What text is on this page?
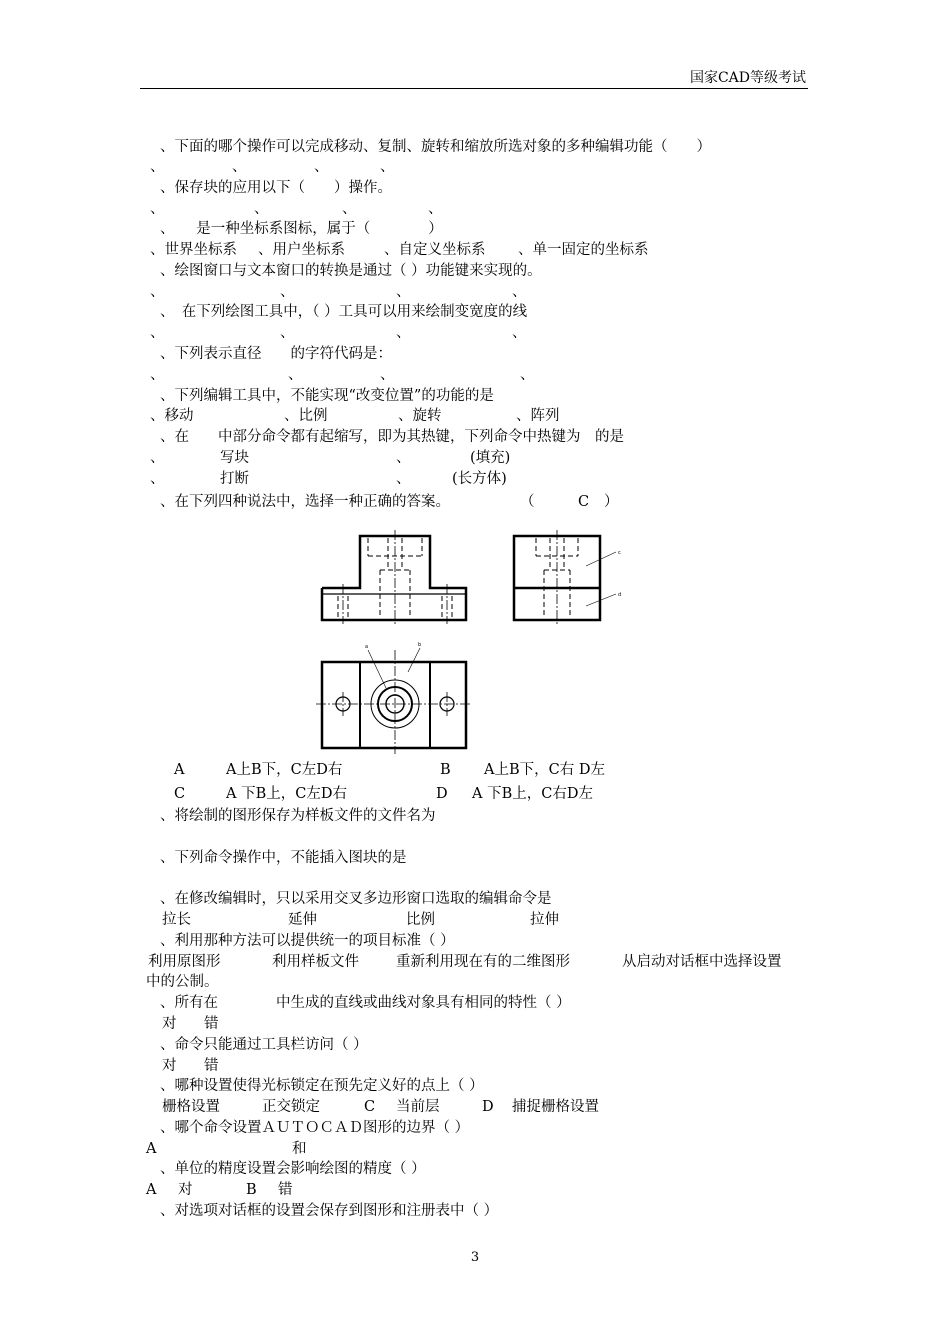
国家CAD等级考试
、下面的哪个操作可以完成移动、复制、旋转和缩放所选对象的多种编辑功能（　　）
、	、	、	、
、保存块的应用以下（　　）操作。
、	、	、	、
、　　是一种坐标系图标，属于（　　　　）
、世界坐标系 、用户坐标系	、自定义坐标系 、单一固定的坐标系
、绘图窗口与文本窗口的转换是通过（ ）功能键来实现的。
、	、	、	、
、　在下列绘图工具中，（ ）工具可以用来绘制变宽度的线
、	、	、	、
、下列表示直径　　的字符代码是：
、	、	、	、
、下列编辑工具中，不能实现“改变位置”的功能的是
、移动	、比例	、旋转	、阵列
、在　　中部分命令都有起缩写，即为其热键，下列命令中热键为　的是
、	写块	、	(填充)
、	打断	、	(长方体)
、在下列四种说法中，选择一种正确的答案。	（	C ）
c
d
a	b
A	A上B下，C左D右	B A上B下，C右 D左
C	A 下B上，C左D右	D A 下B上，C右D左
、将绘制的图形保存为样板文件的文件名为
、下列命令操作中，不能插入图块的是
、在修改编辑时，只以采用交叉多边形窗口选取的编辑命令是
拉长	延伸	比例	拉伸
、利用那种方法可以提供统一的项目标准（ ）
利用原图形	利用样板文件	重新利用现在有的二维图形	从启动对话框中选择设置
中的公制。
、所有在　　　　中生成的直线或曲线对象具有相同的特性（ ）
对 错
、命令只能通过工具栏访问（ ）
对 错
、哪种设置使得光标锁定在预先定义好的点上（ ）
栅格设置	正交锁定	C 当前层	D 捕捉栅格设置
、哪个命令设置ＡＵＴＯＣＡＤ图形的边界（ ）
A	和
、单位的精度设置会影响绘图的精度（ ）
A 对	B 错
、对选项对话框的设置会保存到图形和注册表中（ ）
3
